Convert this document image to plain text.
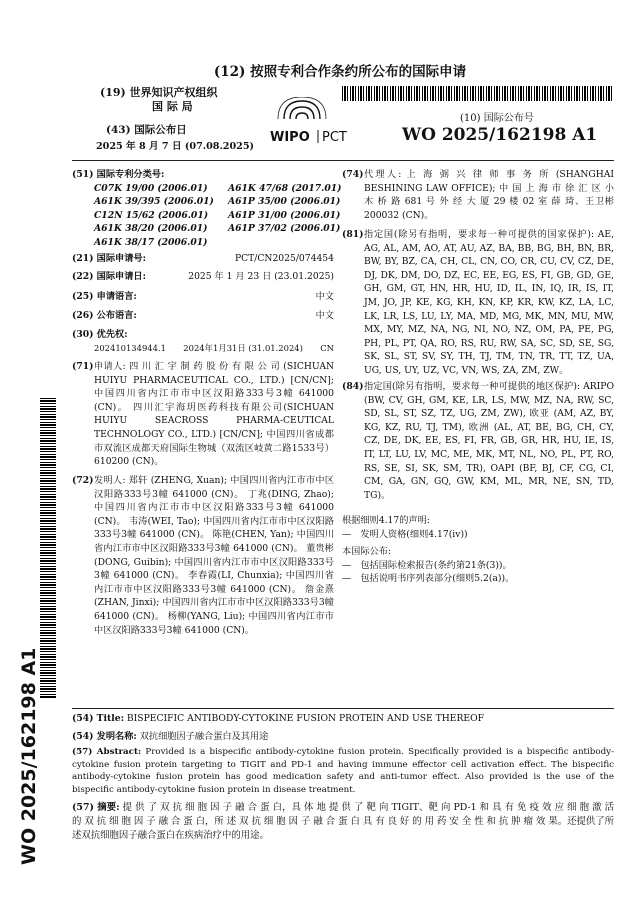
(12) 按照专利合作条约所公布的国际申请
(19) 世界知识产权组织
国 际 局
(43) 国际公布日
2025 年 8 月 7 日 (07.08.2025)
WIPO PCT
(10) 国际公布号
WO 2025/162198 A1
WO 2025/162198 A1
(51) 国际专利分类号:
C07K 19/00 (2006.01)	A61K 47/68 (2017.01)
A61K 39/395 (2006.01)	A61P 35/00 (2006.01)
C12N 15/62 (2006.01)	A61P 31/00 (2006.01)
A61K 38/20 (2006.01)	A61P 37/02 (2006.01)
A61K 38/17 (2006.01)
(21) 国际申请号:	PCT/CN2025/074454
(22) 国际申请日:	2025 年 1 月 23 日 (23.01.2025)
(25) 申请语言:	中文
(26) 公布语言:	中文
(30) 优先权:
202410134944.1 2024年1月31日 (31.01.2024) CN
(71) 申请人: 四 川 汇 宇 制 药 股 份 有 限 公 司 (SICHUAN HUIYU PHARMACEUTICAL CO., LTD.) [CN/CN]; 中国四川省内江市市中区汉阳路333号3幢 641000 (CN)。 四川汇宇海玥医药科技有限公司(SICHUAN HUIYU SEACROSS PHARMA-CEUTICAL TECHNOLOGY CO., LTD.) [CN/CN]; 中国四川省成都市双流区成都天府国际生物城（双流区岐黄二路1533号） 610200 (CN)。
(72) 发明人: 郑轩 (ZHENG, Xuan); 中国四川省内江市市中区汉阳路333号3幢 641000 (CN)。 丁兆(DING, Zhao); 中国四川省内江市市中区汉阳路333号3幢 641000 (CN)。 韦涛(WEI, Tao); 中国四川省内江市市中区汉阳路333号3幢 641000 (CN)。 陈艳(CHEN, Yan); 中国四川省内江市市中区汉阳路333号3幢 641000 (CN)。 董贵彬(DONG, Guibin); 中国四川省内江市市中区汉阳路333号3幢 641000 (CN)。 李春霞(LI, Chunxia); 中国四川省内江市市中区汉阳路333号3幢 641000 (CN)。 詹金熹(ZHAN, Jinxi); 中国四川省内江市市中区汉阳路333号3幢 641000 (CN)。 杨柳(YANG, Liu); 中国四川省内江市市中区汉阳路333号3幢 641000 (CN)。
(74) 代理人: 上 海 弼 兴 律 师 事 务 所 (SHANGHAI BESHINING LAW OFFICE); 中 国 上 海 市 徐 汇 区 小 木 桥 路 681 号 外 经 大 厦 29 楼 02 室 薛 琦、王卫彬 200032 (CN)。
(81) 指定国(除另有指明，要求每一种可提供的国家保护): AE, AG, AL, AM, AO, AT, AU, AZ, BA, BB, BG, BH, BN, BR, BW, BY, BZ, CA, CH, CL, CN, CO, CR, CU, CV, CZ, DE, DJ, DK, DM, DO, DZ, EC, EE, EG, ES, FI, GB, GD, GE, GH, GM, GT, HN, HR, HU, ID, IL, IN, IQ, IR, IS, IT, JM, JO, JP, KE, KG, KH, KN, KP, KR, KW, KZ, LA, LC, LK, LR, LS, LU, LY, MA, MD, MG, MK, MN, MU, MW, MX, MY, MZ, NA, NG, NI, NO, NZ, OM, PA, PE, PG, PH, PL, PT, QA, RO, RS, RU, RW, SA, SC, SD, SE, SG, SK, SL, ST, SV, SY, TH, TJ, TM, TN, TR, TT, TZ, UA, UG, US, UY, UZ, VC, VN, WS, ZA, ZM, ZW。
(84) 指定国(除另有指明，要求每一种可提供的地区保护): ARIPO (BW, CV, GH, GM, KE, LR, LS, MW, MZ, NA, RW, SC, SD, SL, ST, SZ, TZ, UG, ZM, ZW), 欧亚 (AM, AZ, BY, KG, KZ, RU, TJ, TM), 欧洲 (AL, AT, BE, BG, CH, CY, CZ, DE, DK, EE, ES, FI, FR, GB, GR, HR, HU, IE, IS, IT, LT, LU, LV, MC, ME, MK, MT, NL, NO, PL, PT, RO, RS, SE, SI, SK, SM, TR), OAPI (BF, BJ, CF, CG, CI, CM, GA, GN, GQ, GW, KM, ML, MR, NE, SN, TD, TG)。
根据细则4.17的声明:
—　发明人资格(细则4.17(iv))
本国际公布:
—　包括国际检索报告(条约第21条(3))。
—　包括说明书序列表部分(细则5.2(a))。
(54) Title: BISPECIFIC ANTIBODY-CYTOKINE FUSION PROTEIN AND USE THEREOF
(54) 发明名称: 双抗细胞因子融合蛋白及其用途
(57) Abstract: Provided is a bispecific antibody-cytokine fusion protein. Specifically provided is a bispecific antibody-cytokine fusion protein targeting to TIGIT and PD-1 and having immune effector cell activation effect. The bispecific antibody-cytokine fusion protein has good medication safety and anti-tumor effect. Also provided is the use of the bispecific antibody-cytokine fusion protein in disease treatment.
(57) 摘要: 提 供 了 双 抗 细 胞 因 子 融 合 蛋 白，具 体 地 提 供 了 靶 向 TIGIT、靶 向 PD-1 和 具 有 免 疫 效 应 细 胞 激 活 的 双 抗 细 胞 因 子 融 合 蛋 白，所 述 双 抗 细 胞 因 子 融 合 蛋 白 具 有 良 好 的 用 药 安 全 性 和 抗 肿 瘤 效 果。还提供了所述双抗细胞因子融合蛋白在疾病治疗中的用途。
